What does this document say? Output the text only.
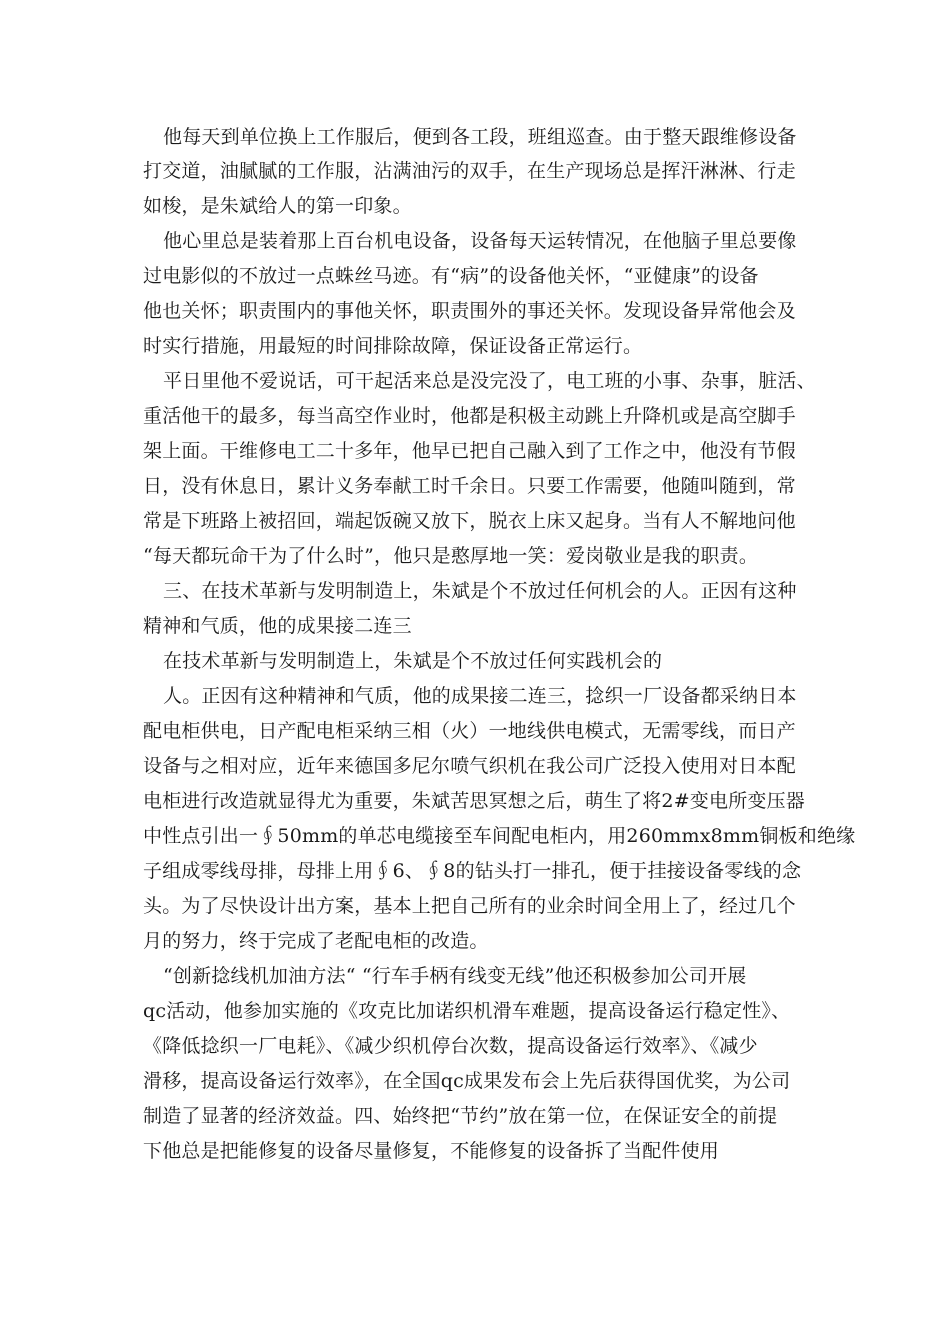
他每天到单位换上工作服后，便到各工段，班组巡查。由于整天跟维修设备
打交道，油腻腻的工作服，沾满油污的双手，在生产现场总是挥汗淋淋、行走
如梭，是朱斌给人的第一印象。
他心里总是装着那上百台机电设备，设备每天运转情况，在他脑子里总要像
过电影似的不放过一点蛛丝马迹。有“病”的设备他关怀，“亚健康”的设备
他也关怀；职责围内的事他关怀，职责围外的事还关怀。发现设备异常他会及
时实行措施，用最短的时间排除故障，保证设备正常运行。
平日里他不爱说话，可干起活来总是没完没了，电工班的小事、杂事，脏活、
重活他干的最多，每当高空作业时，他都是积极主动跳上升降机或是高空脚手
架上面。干维修电工二十多年，他早已把自己融入到了工作之中，他没有节假
日，没有休息日，累计义务奉献工时千余日。只要工作需要，他随叫随到，常
常是下班路上被招回，端起饭碗又放下，脱衣上床又起身。当有人不解地问他
“每天都玩命干为了什么时”，他只是憨厚地一笑：爱岗敬业是我的职责。
三、在技术革新与发明制造上，朱斌是个不放过任何机会的人。正因有这种
精神和气质，他的成果接二连三
在技术革新与发明制造上，朱斌是个不放过任何实践机会的
人。正因有这种精神和气质，他的成果接二连三，捻织一厂设备都采纳日本
配电柜供电，日产配电柜采纳三相（火）一地线供电模式，无需零线，而日产
设备与之相对应，近年来德国多尼尔喷气织机在我公司广泛投入使用对日本配
电柜进行改造就显得尤为重要，朱斌苦思冥想之后，萌生了将2#变电所变压器
中性点引出一∮50mm的单芯电缆接至车间配电柜内，用260mmx8mm铜板和绝缘
子组成零线母排，母排上用∮6、∮8的钻头打一排孔，便于挂接设备零线的念
头。为了尽快设计出方案，基本上把自己所有的业余时间全用上了，经过几个
月的努力，终于完成了老配电柜的改造。
“创新捻线机加油方法“ “行车手柄有线变无线”他还积极参加公司开展
qc活动，他参加实施的《攻克比加诺织机滑车难题，提高设备运行稳定性》、
《降低捻织一厂电耗》、《减少织机停台次数，提高设备运行效率》、《减少
滑移，提高设备运行效率》，在全国qc成果发布会上先后获得国优奖，为公司
制造了显著的经济效益。四、始终把“节约”放在第一位，在保证安全的前提
下他总是把能修复的设备尽量修复，不能修复的设备拆了当配件使用
